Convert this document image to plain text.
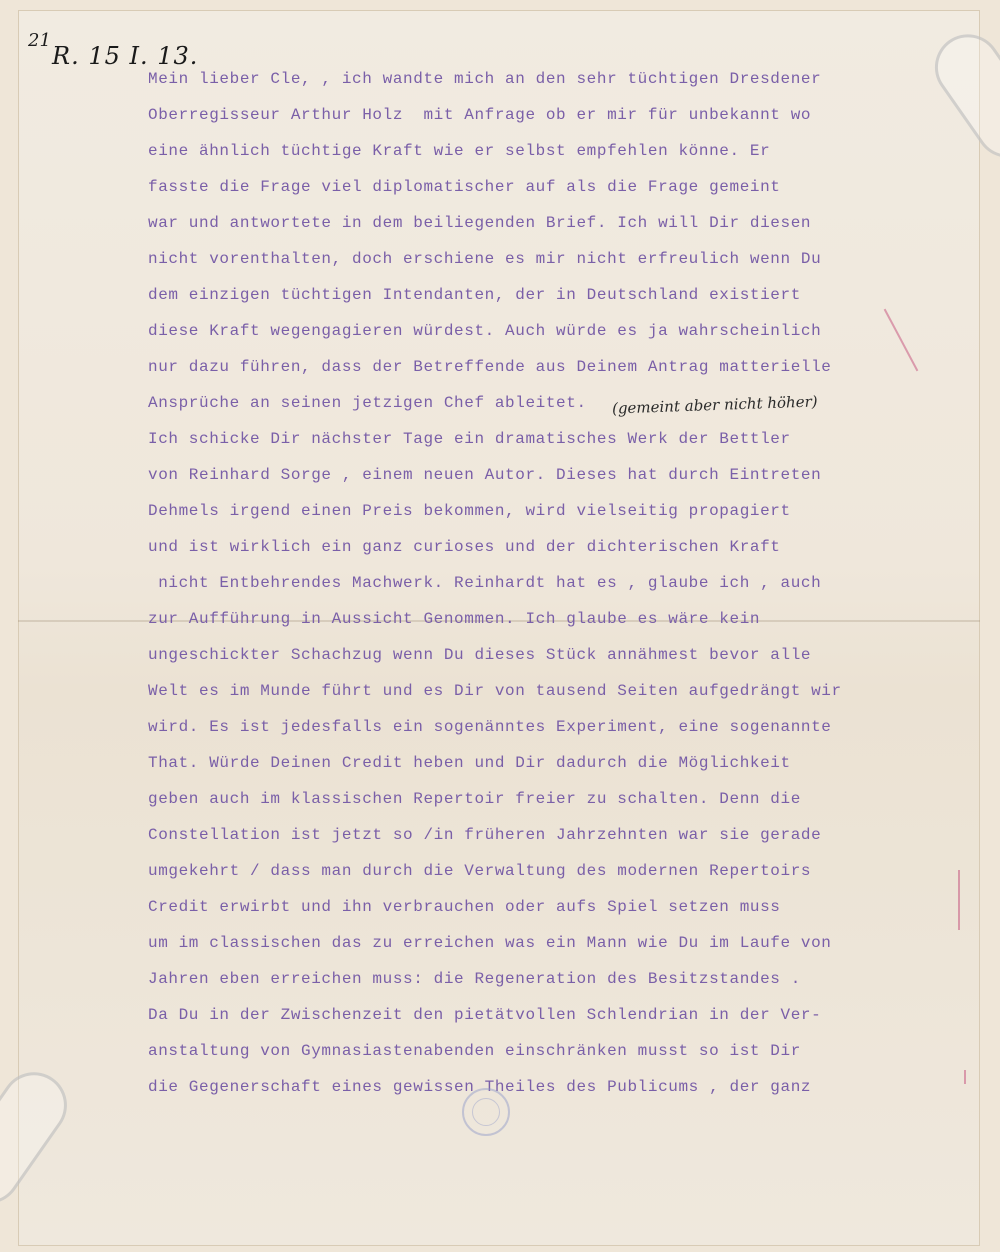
21
R. 15 I. 13.
Mein lieber Cle, , ich wandte mich an den sehr tüchtigen Dresdener
Oberregisseur Arthur Holz  mit Anfrage ob er mir für unbekannt wo
eine ähnlich tüchtige Kraft wie er selbst empfehlen könne. Er
fasste die Frage viel diplomatischer auf als die Frage gemeint
war und antwortete in dem beiliegenden Brief. Ich will Dir diesen
nicht vorenthalten, doch erschiene es mir nicht erfreulich wenn Du
dem einzigen tüchtigen Intendanten, der in Deutschland existiert
diese Kraft wegengagieren würdest. Auch würde es ja wahrscheinlich
nur dazu führen, dass der Betreffende aus Deinem Antrag matterielle
Ansprüche an seinen jetzigen Chef ableitet.
Ich schicke Dir nächster Tage ein dramatisches Werk der Bettler
von Reinhard Sorge , einem neuen Autor. Dieses hat durch Eintreten
Dehmels irgend einen Preis bekommen, wird vielseitig propagiert
und ist wirklich ein ganz curioses und der dichterischen Kraft
nicht Entbehrendes Machwerk. Reinhardt hat es , glaube ich , auch
zur Aufführung in Aussicht Genommen. Ich glaube es wäre kein
ungeschickter Schachzug wenn Du dieses Stück annähmest bevor alle
Welt es im Munde führt und es Dir von tausend Seiten aufgedrängt wir
wird. Es ist jedesfalls ein sogenänntes Experiment, eine sogenannte
That. Würde Deinen Credit heben und Dir dadurch die Möglichkeit
geben auch im klassischen Repertoir freier zu schalten. Denn die
Constellation ist jetzt so /in früheren Jahrzehnten war sie gerade
umgekehrt / dass man durch die Verwaltung des modernen Repertoirs
Credit erwirbt und ihn verbrauchen oder aufs Spiel setzen muss
um im classischen das zu erreichen was ein Mann wie Du im Laufe von
Jahren eben erreichen muss: die Regeneration des Besitzstandes .
Da Du in der Zwischenzeit den pietätvollen Schlendrian in der Ver-
anstaltung von Gymnasiastenabenden einschränken musst so ist Dir
die Gegenerschaft eines gewissen Theiles des Publicums , der ganz
(gemeint aber nicht höher)
